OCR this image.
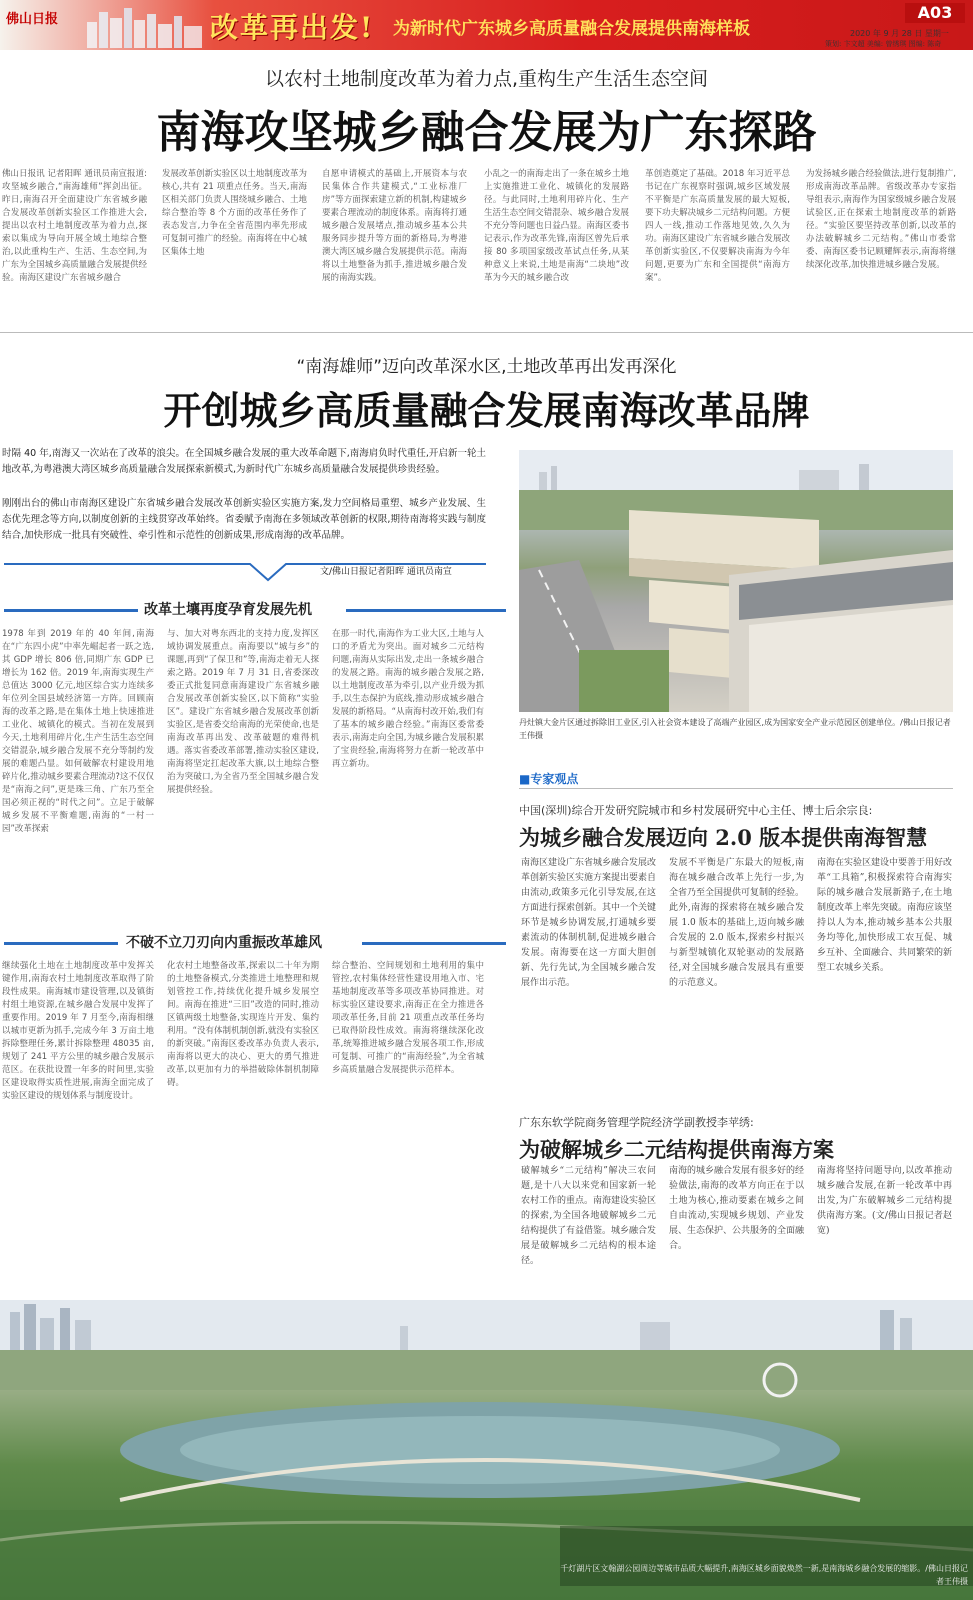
佛山日报	改革再出发! 为新时代广东城乡高质量融合发展提供南海样板
A03
2020 年 9 月 28 日 星期一
策划: 卞文超 美编: 曾绣琪 图编: 陈奇
以农村土地制度改革为着力点,重构生产生活生态空间
南海攻坚城乡融合发展为广东探路
佛山日报讯 记者阳晖 通讯员南宣报道:攻坚城乡融合,“南海雄师”挥剑出征。昨日,南海召开全面建设广东省城乡融合发展改革创新实验区工作推进大会,提出以农村土地制度改革为着力点,探索以集成为导向开展全域土地综合整治,以此重构生产、生活、生态空间,为广东为全国城乡高质量融合发展提供经验。南海区建设广东省城乡融合
发展改革创新实验区以土地制度改革为核心,共有 21 项重点任务。当天,南海区相关部门负责人围绕城乡融合、土地综合整治等 8 个方面的改革任务作了表态发言,力争在全省范围内率先形成可复制可推广的经验。南海将在中心城区集体土地
自愿申请模式的基础上,开展资本与农民集体合作共建模式,“工业标准厂房”等方面探索建立新的机制,构建城乡要素合理流动的制度体系。南海将打通城乡融合发展堵点,推动城乡基本公共服务同步提升等方面的新格局,为粤港澳大湾区城乡融合发展提供示范。南海将以土地整备为抓手,推进城乡融合发展的南海实践。
小乱之一的南海走出了一条在城乡土地上实施推进工业化、城镇化的发展路径。与此同时,土地利用碎片化、生产生活生态空间交错混杂、城乡融合发展不充分等问题也日益凸显。南海区委书记表示,作为改革先锋,南海区曾先后承接 80 多项国家级改革试点任务,从某种意义上来说,土地是南海“二块地”改革为今天的城乡融合改
革创造奠定了基础。2018 年习近平总书记在广东视察时强调,城乡区域发展不平衡是广东高质量发展的最大短板,要下功夫解决城乡二元结构问题。方便四人一线,推动工作落地见效,久久为功。南海区建设广东省城乡融合发展改革创新实验区,不仅要解决南海为今年问题,更要为广东和全国提供“南海方案”。
为发扬城乡融合经验做法,进行复制推广,形成南海改革品牌。省级改革办专家指导组表示,南海作为国家级城乡融合发展试验区,正在探索土地制度改革的新路径。“实验区要坚持改革创新,以改革的办法破解城乡二元结构。”佛山市委常委、南海区委书记顾耀辉表示,南海将继续深化改革,加快推进城乡融合发展。
“南海雄师”迈向改革深水区,土地改革再出发再深化
开创城乡高质量融合发展南海改革品牌
时隔 40 年,南海又一次站在了改革的浪尖。在全国城乡融合发展的重大改革命题下,南海肩负时代重任,开启新一轮土地改革,为粤港澳大湾区城乡高质量融合发展探索新模式,为新时代广东城乡高质量融合发展提供珍贵经验。
刚刚出台的佛山市南海区建设广东省城乡融合发展改革创新实验区实施方案,发力空间格局重塑、城乡产业发展、生态优先理念等方向,以制度创新的主线贯穿改革始终。省委赋予南海在多领域改革创新的权限,期待南海将实践与制度结合,加快形成一批具有突破性、牵引性和示范性的创新成果,形成南海的改革品牌。
文/佛山日报记者阳晖 通讯员南宣
改革土壤再度孕育发展先机
1978 年到 2019 年的 40 年间,南海在“广东四小虎”中率先崛起者一跃之选,其 GDP 增长 806 倍,同期广东 GDP 已增长为 162 倍。2019 年,南海实现生产总值达 3000 亿元,地区综合实力连续多年位列全国县域经济第一方阵。回顾南海的改革之路,是在集体土地上快速推进工业化、城镇化的模式。当初在发展到今天,土地利用碎片化,生产生活生态空间交错混杂,城乡融合发展不充分等制约发展的难题凸显。如何破解农村建设用地碎片化,推动城乡要素合理流动?这不仅仅是“南海之问”,更是珠三角、广东乃至全国必须正视的“时代之问”。立足于破解城乡发展不平衡难题,南海的“一村一园”改革探索
与、加大对粤东西北的支持力度,发挥区域协调发展重点。南海要以“城与乡”的课题,再到“了保卫和”等,南海走着无人探索之路。2019 年 7 月 31 日,省委深改委正式批复同意南海建设广东省城乡融合发展改革创新实验区,以下简称“实验区”。建设广东省城乡融合发展改革创新实验区,是省委交给南海的光荣使命,也是南海改革再出发、改革破题的难得机遇。落实省委改革部署,推动实验区建设,南海将坚定扛起改革大旗,以土地综合整治为突破口,为全省乃至全国城乡融合发展提供经验。
在那一时代,南海作为工业大区,土地与人口的矛盾尤为突出。面对城乡二元结构问题,南海从实际出发,走出一条城乡融合的发展之路。南海的城乡融合发展之路,以土地制度改革为牵引,以产业升级为抓手,以生态保护为底线,推动形成城乡融合发展的新格局。“从南海村改开始,我们有了基本的城乡融合经验。”南海区委常委表示,南海走向全国,为城乡融合发展积累了宝贵经验,南海将努力在新一轮改革中再立新功。
不破不立刀刃向内重振改革雄风
继续强化土地在土地制度改革中发挥关键作用,南海农村土地制度改革取得了阶段性成果。南海城市建设管理,以及镇街村组土地资源,在城乡融合发展中发挥了重要作用。2019 年 7 月至今,南海相继以城市更新为抓手,完成今年 3 万亩土地拆除整理任务,累计拆除整理 48035 亩,规划了 241 平方公里的城乡融合发展示范区。在获批设置一年多的时间里,实验区建设取得实质性进展,南海全面完成了实验区建设的规划体系与制度设计。
化农村土地整备改革,探索以二十年为期的土地整备模式,分类推进土地整理和规划管控工作,持续优化提升城乡发展空间。南海在推进“三旧”改造的同时,推动区镇两级土地整备,实现连片开发、集约利用。“没有体制机制创新,就没有实验区的新突破。”南海区委改革办负责人表示,南海将以更大的决心、更大的勇气推进改革,以更加有力的举措破除体制机制障碍。
综合整治、空间规划和土地利用的集中管控,农村集体经营性建设用地入市、宅基地制度改革等多项改革协同推进。对标实验区建设要求,南海正在全力推进各项改革任务,目前 21 项重点改革任务均已取得阶段性成效。南海将继续深化改革,统筹推进城乡融合发展各项工作,形成可复制、可推广的“南海经验”,为全省城乡高质量融合发展提供示范样本。
丹灶镇大金片区通过拆除旧工业区,引入社会资本建设了高端产业园区,成为国家安全产业示范园区创建单位。/佛山日报记者王伟摄
■专家观点
中国(深圳)综合开发研究院城市和乡村发展研究中心主任、博士后余宗良:
为城乡融合发展迈向 2.0 版本提供南海智慧
南海区建设广东省城乡融合发展改革创新实验区实施方案提出要素自由流动,政策多元化引导发展,在这方面进行探索创新。其中一个关键环节是城乡协调发展,打通城乡要素流动的体制机制,促进城乡融合发展。南海要在这一方面大胆创新、先行先试,为全国城乡融合发展作出示范。
发展不平衡是广东最大的短板,南海在城乡融合改革上先行一步,为全省乃至全国提供可复制的经验。此外,南海的探索将在城乡融合发展 1.0 版本的基础上,迈向城乡融合发展的 2.0 版本,探索乡村振兴与新型城镇化双轮驱动的发展路径,对全国城乡融合发展具有重要的示范意义。
南海在实验区建设中要善于用好改革“工具箱”,积极探索符合南海实际的城乡融合发展新路子,在土地制度改革上率先突破。南海应该坚持以人为本,推动城乡基本公共服务均等化,加快形成工农互促、城乡互补、全面融合、共同繁荣的新型工农城乡关系。
广东东软学院商务管理学院经济学副教授李苹绣:
为破解城乡二元结构提供南海方案
破解城乡“二元结构”解决三农问题,是十八大以来党和国家新一轮农村工作的重点。南海建设实验区的探索,为全国各地破解城乡二元结构提供了有益借鉴。城乡融合发展是破解城乡二元结构的根本途径。
南海的城乡融合发展有很多好的经验做法,南海的改革方向正在于以土地为核心,推动要素在城乡之间自由流动,实现城乡规划、产业发展、生态保护、公共服务的全面融合。
南海将坚持问题导向,以改革推动城乡融合发展,在新一轮改革中再出发,为广东破解城乡二元结构提供南海方案。(文/佛山日报记者赵宽)
千灯湖片区文翰湖公园周边等城市品质大幅提升,南海区城乡面貌焕然一新,是南海城乡融合发展的缩影。/佛山日报记者王伟摄
